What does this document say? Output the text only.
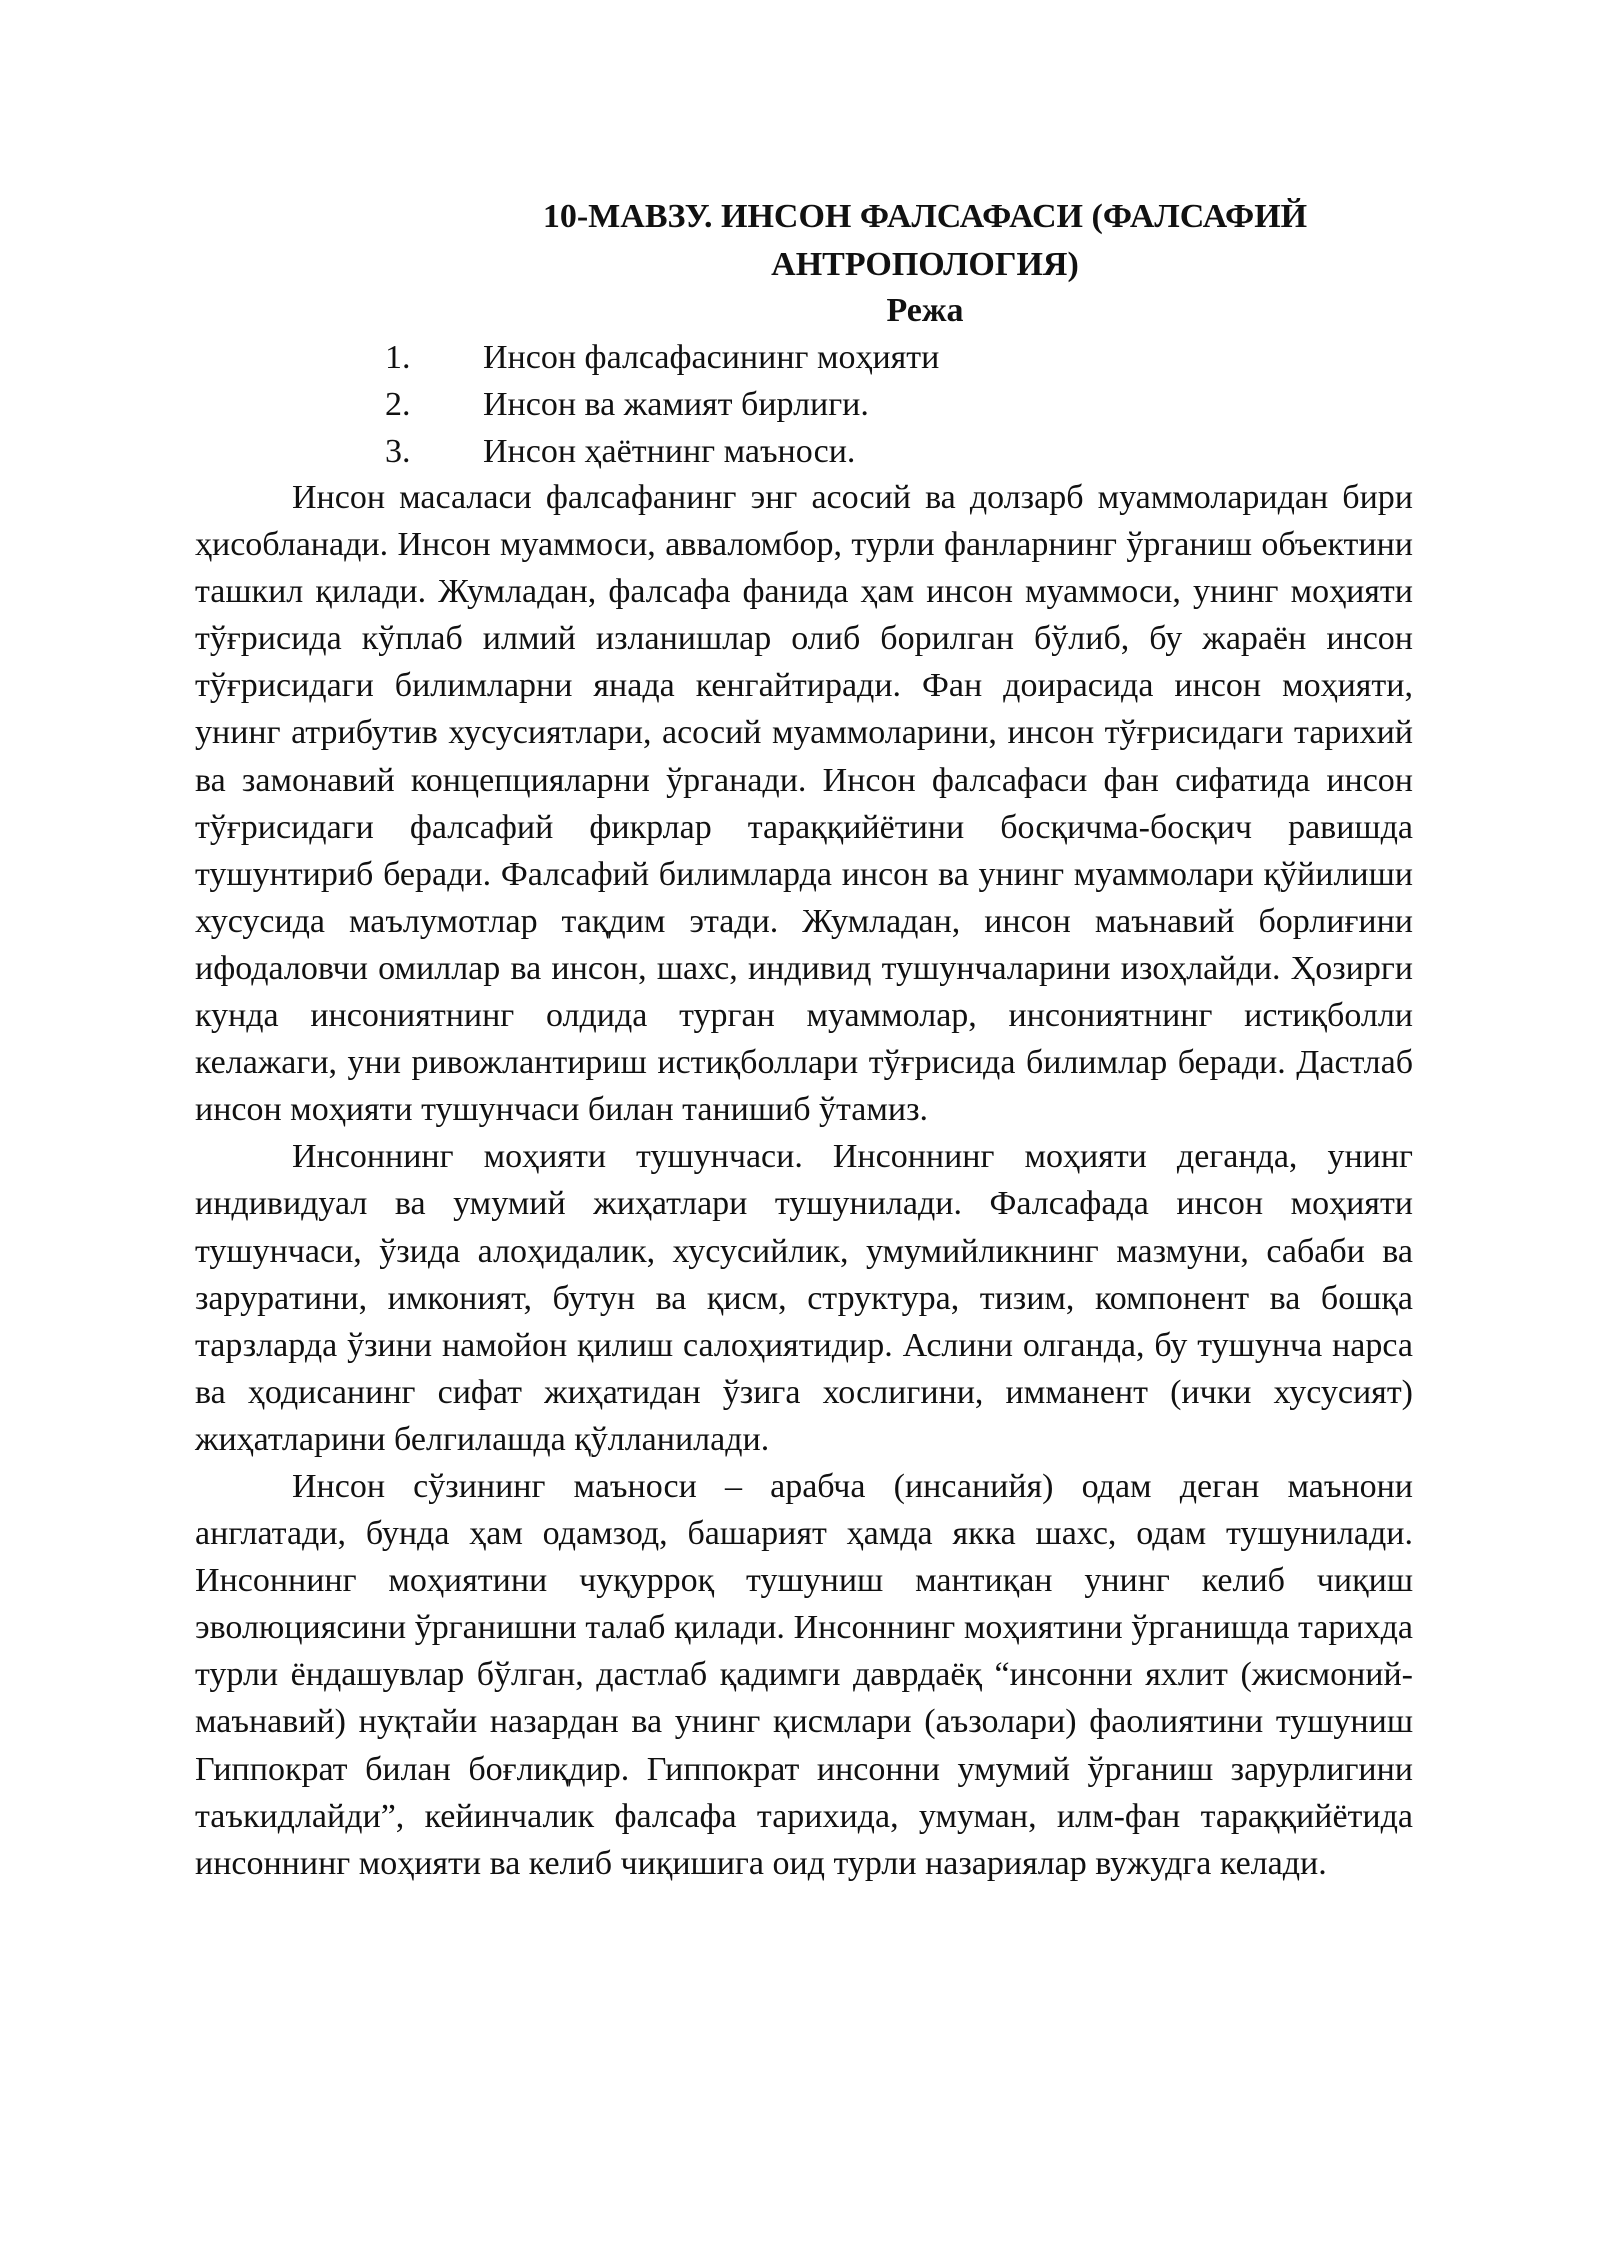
10-МАВЗУ. ИНСОН ФАЛСАФАСИ (ФАЛСАФИЙ
АНТРОПОЛОГИЯ)
Режа
1.	Инсон фалсафасининг моҳияти
2.	Инсон ва жамият бирлиги.
3.	Инсон ҳаётнинг маъноси.

Инсон масаласи фалсафанинг энг асосий ва долзарб муаммоларидан бири ҳисобланади. Инсон муаммоси, авваломбор, турли фанларнинг ўрганиш объектини ташкил қилади. Жумладан, фалсафа фанида ҳам инсон муаммоси, унинг моҳияти тўғрисида кўплаб илмий изланишлар олиб борилган бўлиб, бу жараён инсон тўғрисидаги билимларни янада кенгайтиради. Фан доирасида инсон моҳияти, унинг атрибутив хусусиятлари, асосий муаммоларини, инсон тўғрисидаги тарихий ва замонавий концепцияларни ўрганади. Инсон фалсафаси фан сифатида инсон тўғрисидаги фалсафий фикрлар тараққийётини босқичма-босқич равишда тушунтириб беради. Фалсафий билимларда инсон ва унинг муаммолари қўйилиши хусусида маълумотлар тақдим этади. Жумладан, инсон маънавий борлиғини ифодаловчи омиллар ва инсон, шахс, индивид тушунчаларини изоҳлайди. Ҳозирги кунда инсониятнинг олдида турган муаммолар, инсониятнинг истиқболли келажаги, уни ривожлантириш истиқболлари тўғрисида билимлар беради. Дастлаб инсон моҳияти тушунчаси билан танишиб ўтамиз.

Инсоннинг моҳияти тушунчаси. Инсоннинг моҳияти деганда, унинг индивидуал ва умумий жиҳатлари тушунилади. Фалсафада инсон моҳияти тушунчаси, ўзида алоҳидалик, хусусийлик, умумийликнинг мазмуни, сабаби ва зарурaтини, имконият, бутун ва қисм, структура, тизим, компонент ва бошқа тарзларда ўзини намойон қилиш салоҳиятидир. Аслини олганда, бу тушунча нарса ва ҳодисанинг сифат жиҳатидан ўзига хослигини, имманент (ички хусусият) жиҳатларини белгилашда қўлланилади.

Инсон сўзининг маъноси – арабча (инсанийя) одам деган маънони англатади, бунда ҳам одамзод, башарият ҳамда якка шахс, одам тушунилади. Инсоннинг моҳиятини чуқурроқ тушуниш мантиқан унинг келиб чиқиш эволюциясини ўрганишни талаб қилади. Инсоннинг моҳиятини ўрганишда тарихда турли ёндашувлар бўлган, дастлаб қадимги даврдаёқ “инсонни яхлит (жисмоний-маънавий) нуқтайи назардан ва унинг қисмлари (аъзолари) фаолиятини тушуниш Гиппократ билан боғлиқдир. Гиппократ инсонни умумий ўрганиш зарурлигини таъкидлайди”, кейинчалик фалсафа тарихида, умуман, илм-фан тараққийётида инсоннинг моҳияти ва келиб чиқишига оид турли назариялар вужудга келади.
